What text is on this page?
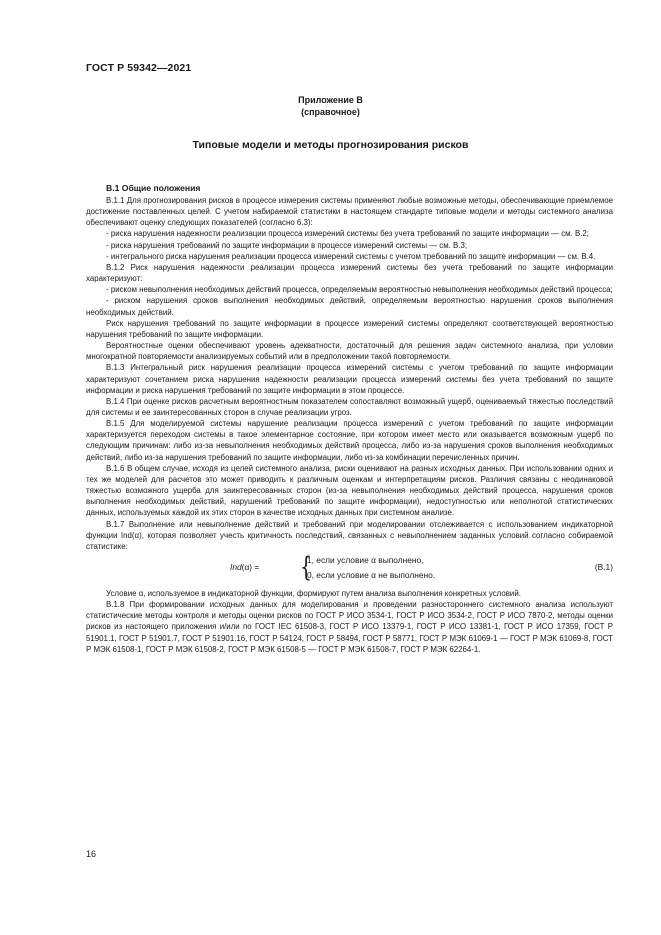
ГОСТ Р 59342—2021
Приложение В
(справочное)
Типовые модели и методы прогнозирования рисков
В.1 Общие положения

В.1.1 Для прогнозирования рисков в процессе измерения системы применяют любые возможные методы, обеспечивающие приемлемое достижение поставленных целей. С учетом набираемой статистики в настоящем стандарте типовые модели и методы системного анализа обеспечивают оценку следующих показателей (согласно 6.3):

- риска нарушения надежности реализации процесса измерений системы без учета требований по защите информации — см. В.2;

- риска нарушения требований по защите информации в процессе измерений системы — см. В.3;

- интегрального риска нарушения реализации процесса измерений системы с учетом требований по защите информации — см. В.4.

В.1.2 Риск нарушения надежности реализации процесса измерений системы без учета требований по защите информации характеризуют:

- риском невыполнения необходимых действий процесса, определяемым вероятностью невыполнения необходимых действий процесса;

- риском нарушения сроков выполнения необходимых действий, определяемым вероятностью нарушения сроков выполнения необходимых действий.

Риск нарушения требований по защите информации в процессе измерений системы определяют соответствующей вероятностью нарушения требований по защите информации.

Вероятностные оценки обеспечивают уровень адекватности, достаточный для решения задач системного анализа, при условии многократной повторяемости анализируемых событий или в предположении такой повторяемости.

В.1.3 Интегральный риск нарушения реализации процесса измерений системы с учетом требований по защите информации характеризуют сочетанием риска нарушения надежности реализации процесса измерений системы без учета требований по защите информации и риска нарушения требований по защите информации в этом процессе.

В.1.4 При оценке рисков расчетным вероятностным показателем сопоставляют возможный ущерб, оцениваемый тяжестью последствий для системы и ее заинтересованных сторон в случае реализации угроз.

В.1.5 Для моделируемой системы нарушение реализации процесса измерений с учетом требований по защите информации характеризуется переходом системы в такое элементарное состояние, при котором имеет место или оказывается возможным ущерб по следующим причинам: либо из-за невыполнения необходимых действий процесса, либо из-за нарушения сроков выполнения необходимых действий, либо из-за нарушения требований по защите информации, либо из-за комбинации перечисленных причин.

В.1.6 В общем случае, исходя из целей системного анализа, риски оценивают на разных исходных данных. При использовании одних и тех же моделей для расчетов это может приводить к различным оценкам и интерпретациям рисков. Различия связаны с неодинаковой тяжестью возможного ущерба для заинтересованных сторон (из-за невыполнения необходимых действий процесса, нарушения сроков выполнения необходимых действий, нарушений требований по защите информации), недоступностью или неполнотой статистических данных, используемых каждой их этих сторон в качестве исходных данных при системном анализе.

В.1.7 Выполнение или невыполнение действий и требований при моделировании отслеживается с использованием индикаторной функции Ind(α), которая позволяет учесть критичность последствий, связанных с невыполнением заданных условий согласно собираемой статистике:

Ind(α) = {
1, если условие α выполнено,
0, если условие α не выполнено.
(В.1)

Условие α, используемое в индикаторной функции, формируют путем анализа выполнения конкретных условий.

В.1.8 При формировании исходных данных для моделирования и проведении разностороннего системного анализа используют статистические методы контроля и методы оценки рисков по ГОСТ Р ИСО 3534-1, ГОСТ Р ИСО 3534-2, ГОСТ Р ИСО 7870-2, методы оценки рисков из настоящего приложения и/или по ГОСТ IEC 61508-3, ГОСТ Р ИСО 13379-1, ГОСТ Р ИСО 13381-1, ГОСТ Р ИСО 17359, ГОСТ Р 51901.1, ГОСТ Р 51901.7, ГОСТ Р 51901.16, ГОСТ Р 54124, ГОСТ Р 58494, ГОСТ Р 58771, ГОСТ Р МЭК 61069-1 — ГОСТ Р МЭК 61069-8, ГОСТ Р МЭК 61508-1, ГОСТ Р МЭК 61508-2, ГОСТ Р МЭК 61508-5 — ГОСТ Р МЭК 61508-7, ГОСТ Р МЭК 62264-1.

16
